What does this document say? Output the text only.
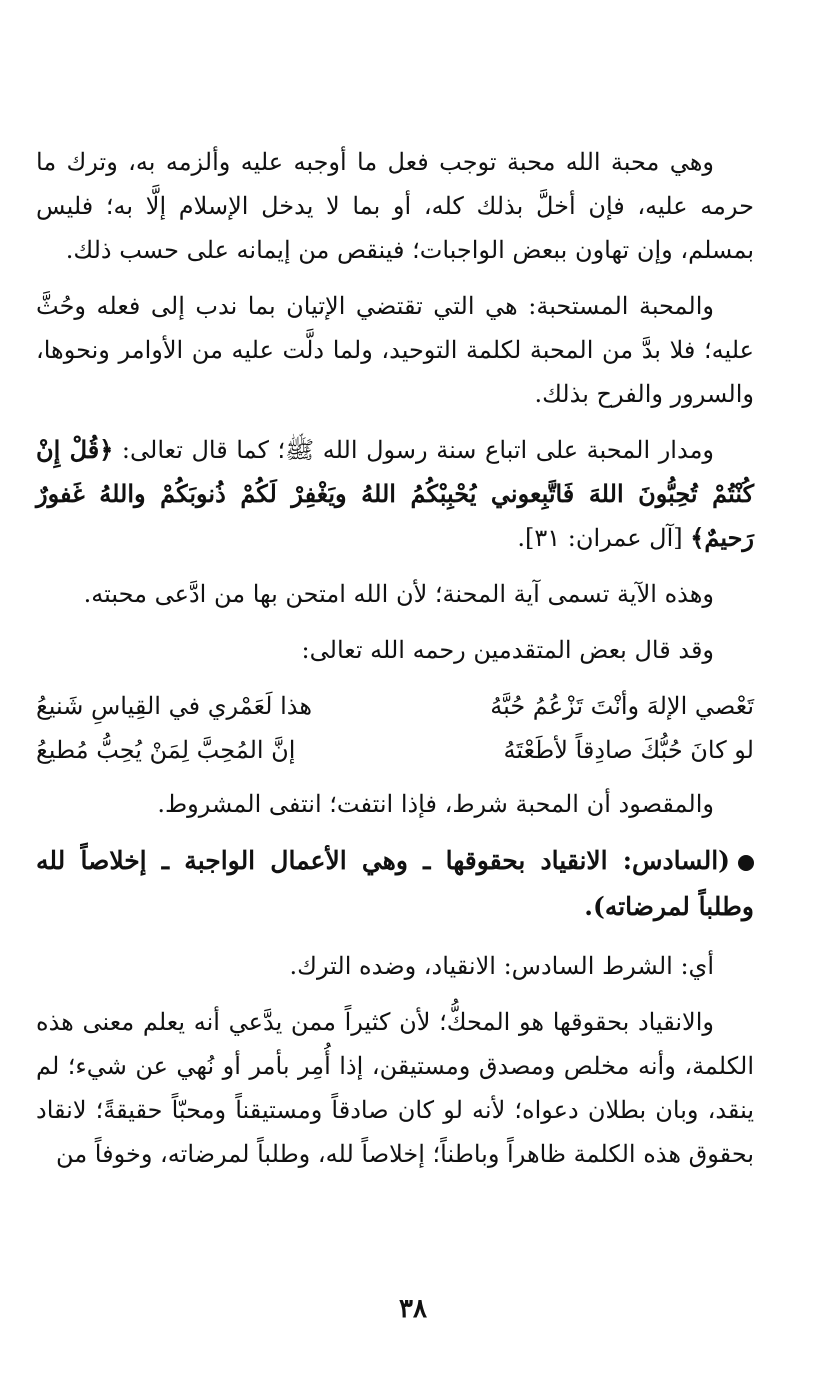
وهي محبة الله محبة توجب فعل ما أوجبه عليه وألزمه به، وترك ما حرمه عليه، فإن أخلَّ بذلك كله، أو بما لا يدخل الإسلام إلَّا به؛ فليس بمسلم، وإن تهاون ببعض الواجبات؛ فينقص من إيمانه على حسب ذلك.

والمحبة المستحبة: هي التي تقتضي الإتيان بما ندب إلى فعله وحُثَّ عليه؛ فلا بدَّ من المحبة لكلمة التوحيد، ولما دلَّت عليه من الأوامر ونحوها، والسرور والفرح بذلك.

ومدار المحبة على اتباع سنة رسول الله ﷺ؛ كما قال تعالى: ﴿قُلْ إِنْ كُنْتُمْ تُحِبُّونَ اللهَ فَاتَّبِعوني يُحْبِبْكُمُ اللهُ ويَغْفِرْ لَكُمْ ذُنوبَكُمْ واللهُ غَفورٌ رَحيمٌ﴾ [آل عمران: ٣١].

وهذه الآية تسمى آية المحنة؛ لأن الله امتحن بها من ادَّعى محبته.

وقد قال بعض المتقدمين رحمه الله تعالى:

تَعْصي الإلهَ وأنْتَ تَزْعُمُ حُبَّهُ
هذا لَعَمْري في القِياسِ شَنيعُ
لو كانَ حُبُّكَ صادِقاً لأطَعْتَهُ
إنَّ المُحِبَّ لِمَنْ يُحِبُّ مُطيعُ

والمقصود أن المحبة شرط، فإذا انتفت؛ انتفى المشروط.

(السادس: الانقياد بحقوقها ـ وهي الأعمال الواجبة ـ إخلاصاً لله وطلباً لمرضاته).

أي: الشرط السادس: الانقياد، وضده الترك.

والانقياد بحقوقها هو المحكُّ؛ لأن كثيراً ممن يدَّعي أنه يعلم معنى هذه الكلمة، وأنه مخلص ومصدق ومستيقن، إذا أُمِر بأمر أو نُهي عن شيء؛ لم ينقد، وبان بطلان دعواه؛ لأنه لو كان صادقاً ومستيقناً ومحبّاً حقيقةً؛ لانقاد بحقوق هذه الكلمة ظاهراً وباطناً؛ إخلاصاً لله، وطلباً لمرضاته، وخوفاً من

٣٨
